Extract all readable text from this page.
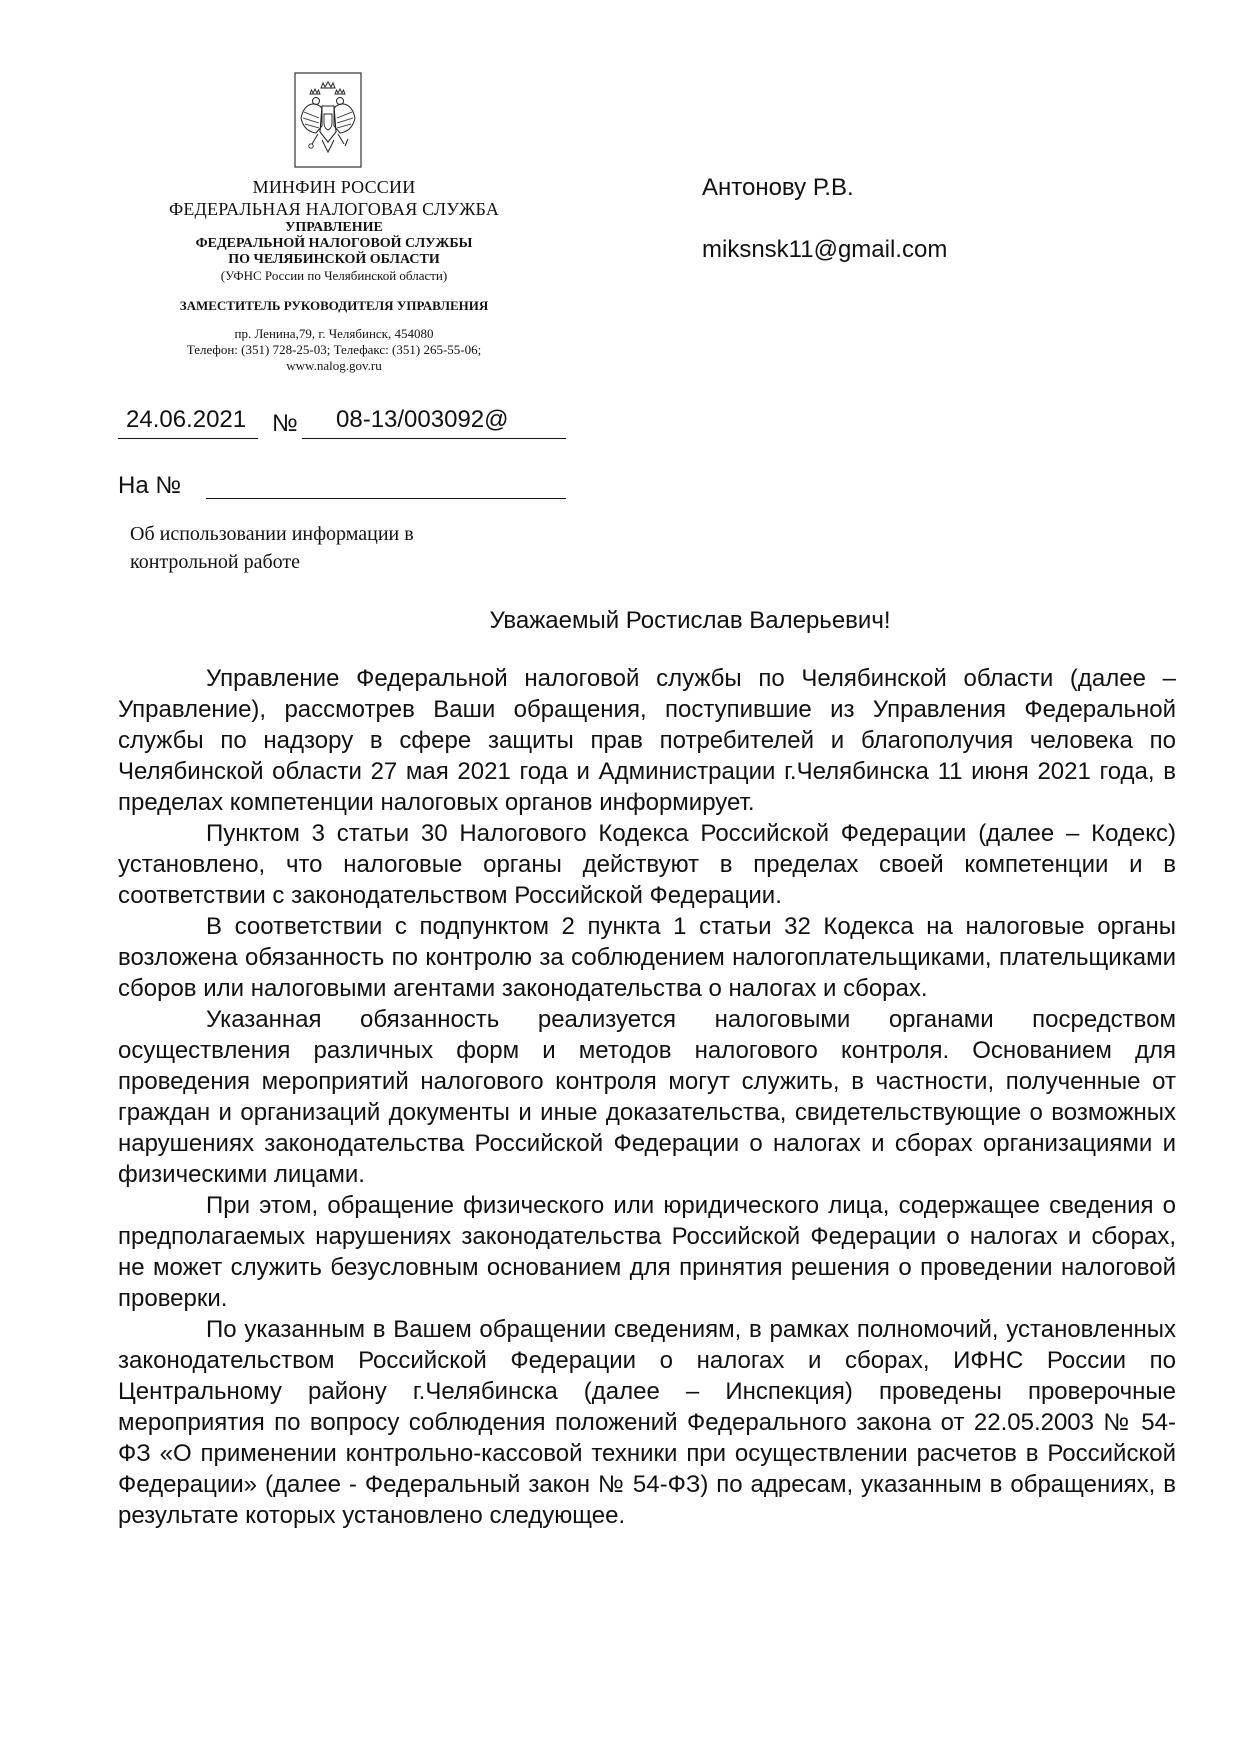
МИНФИН РОССИИ
ФЕДЕРАЛЬНАЯ НАЛОГОВАЯ СЛУЖБА
УПРАВЛЕНИЕ
ФЕДЕРАЛЬНОЙ НАЛОГОВОЙ СЛУЖБЫ
ПО ЧЕЛЯБИНСКОЙ ОБЛАСТИ
(УФНС России по Челябинской области)
ЗАМЕСТИТЕЛЬ РУКОВОДИТЕЛЯ УПРАВЛЕНИЯ
пр. Ленина,79, г. Челябинск, 454080
Телефон: (351) 728-25-03; Телефакс: (351) 265-55-06;
www.nalog.gov.ru
Антонову Р.В.
miksnsk11@gmail.com
24.06.2021 № 08-13/003092@
На №
Об использовании информации в контрольной работе
Уважаемый Ростислав Валерьевич!

Управление Федеральной налоговой службы по Челябинской области (далее – Управление), рассмотрев Ваши обращения, поступившие из Управления Федеральной службы по надзору в сфере защиты прав потребителей и благополучия человека по Челябинской области 27 мая 2021 года и Администрации г.Челябинска 11 июня 2021 года, в пределах компетенции налоговых органов информирует.

Пунктом 3 статьи 30 Налогового Кодекса Российской Федерации (далее – Кодекс) установлено, что налоговые органы действуют в пределах своей компетенции и в соответствии с законодательством Российской Федерации.

В соответствии с подпунктом 2 пункта 1 статьи 32 Кодекса на налоговые органы возложена обязанность по контролю за соблюдением налогоплательщиками, плательщиками сборов или налоговыми агентами законодательства о налогах и сборах.

Указанная обязанность реализуется налоговыми органами посредством осуществления различных форм и методов налогового контроля. Основанием для проведения мероприятий налогового контроля могут служить, в частности, полученные от граждан и организаций документы и иные доказательства, свидетельствующие о возможных нарушениях законодательства Российской Федерации о налогах и сборах организациями и физическими лицами.

При этом, обращение физического или юридического лица, содержащее сведения о предполагаемых нарушениях законодательства Российской Федерации о налогах и сборах, не может служить безусловным основанием для принятия решения о проведении налоговой проверки.

По указанным в Вашем обращении сведениям, в рамках полномочий, установленных законодательством Российской Федерации о налогах и сборах, ИФНС России по Центральному району г.Челябинска (далее – Инспекция) проведены проверочные мероприятия по вопросу соблюдения положений Федерального закона от 22.05.2003 № 54-ФЗ «О применении контрольно-кассовой техники при осуществлении расчетов в Российской Федерации» (далее - Федеральный закон № 54-ФЗ) по адресам, указанным в обращениях, в результате которых установлено следующее.
